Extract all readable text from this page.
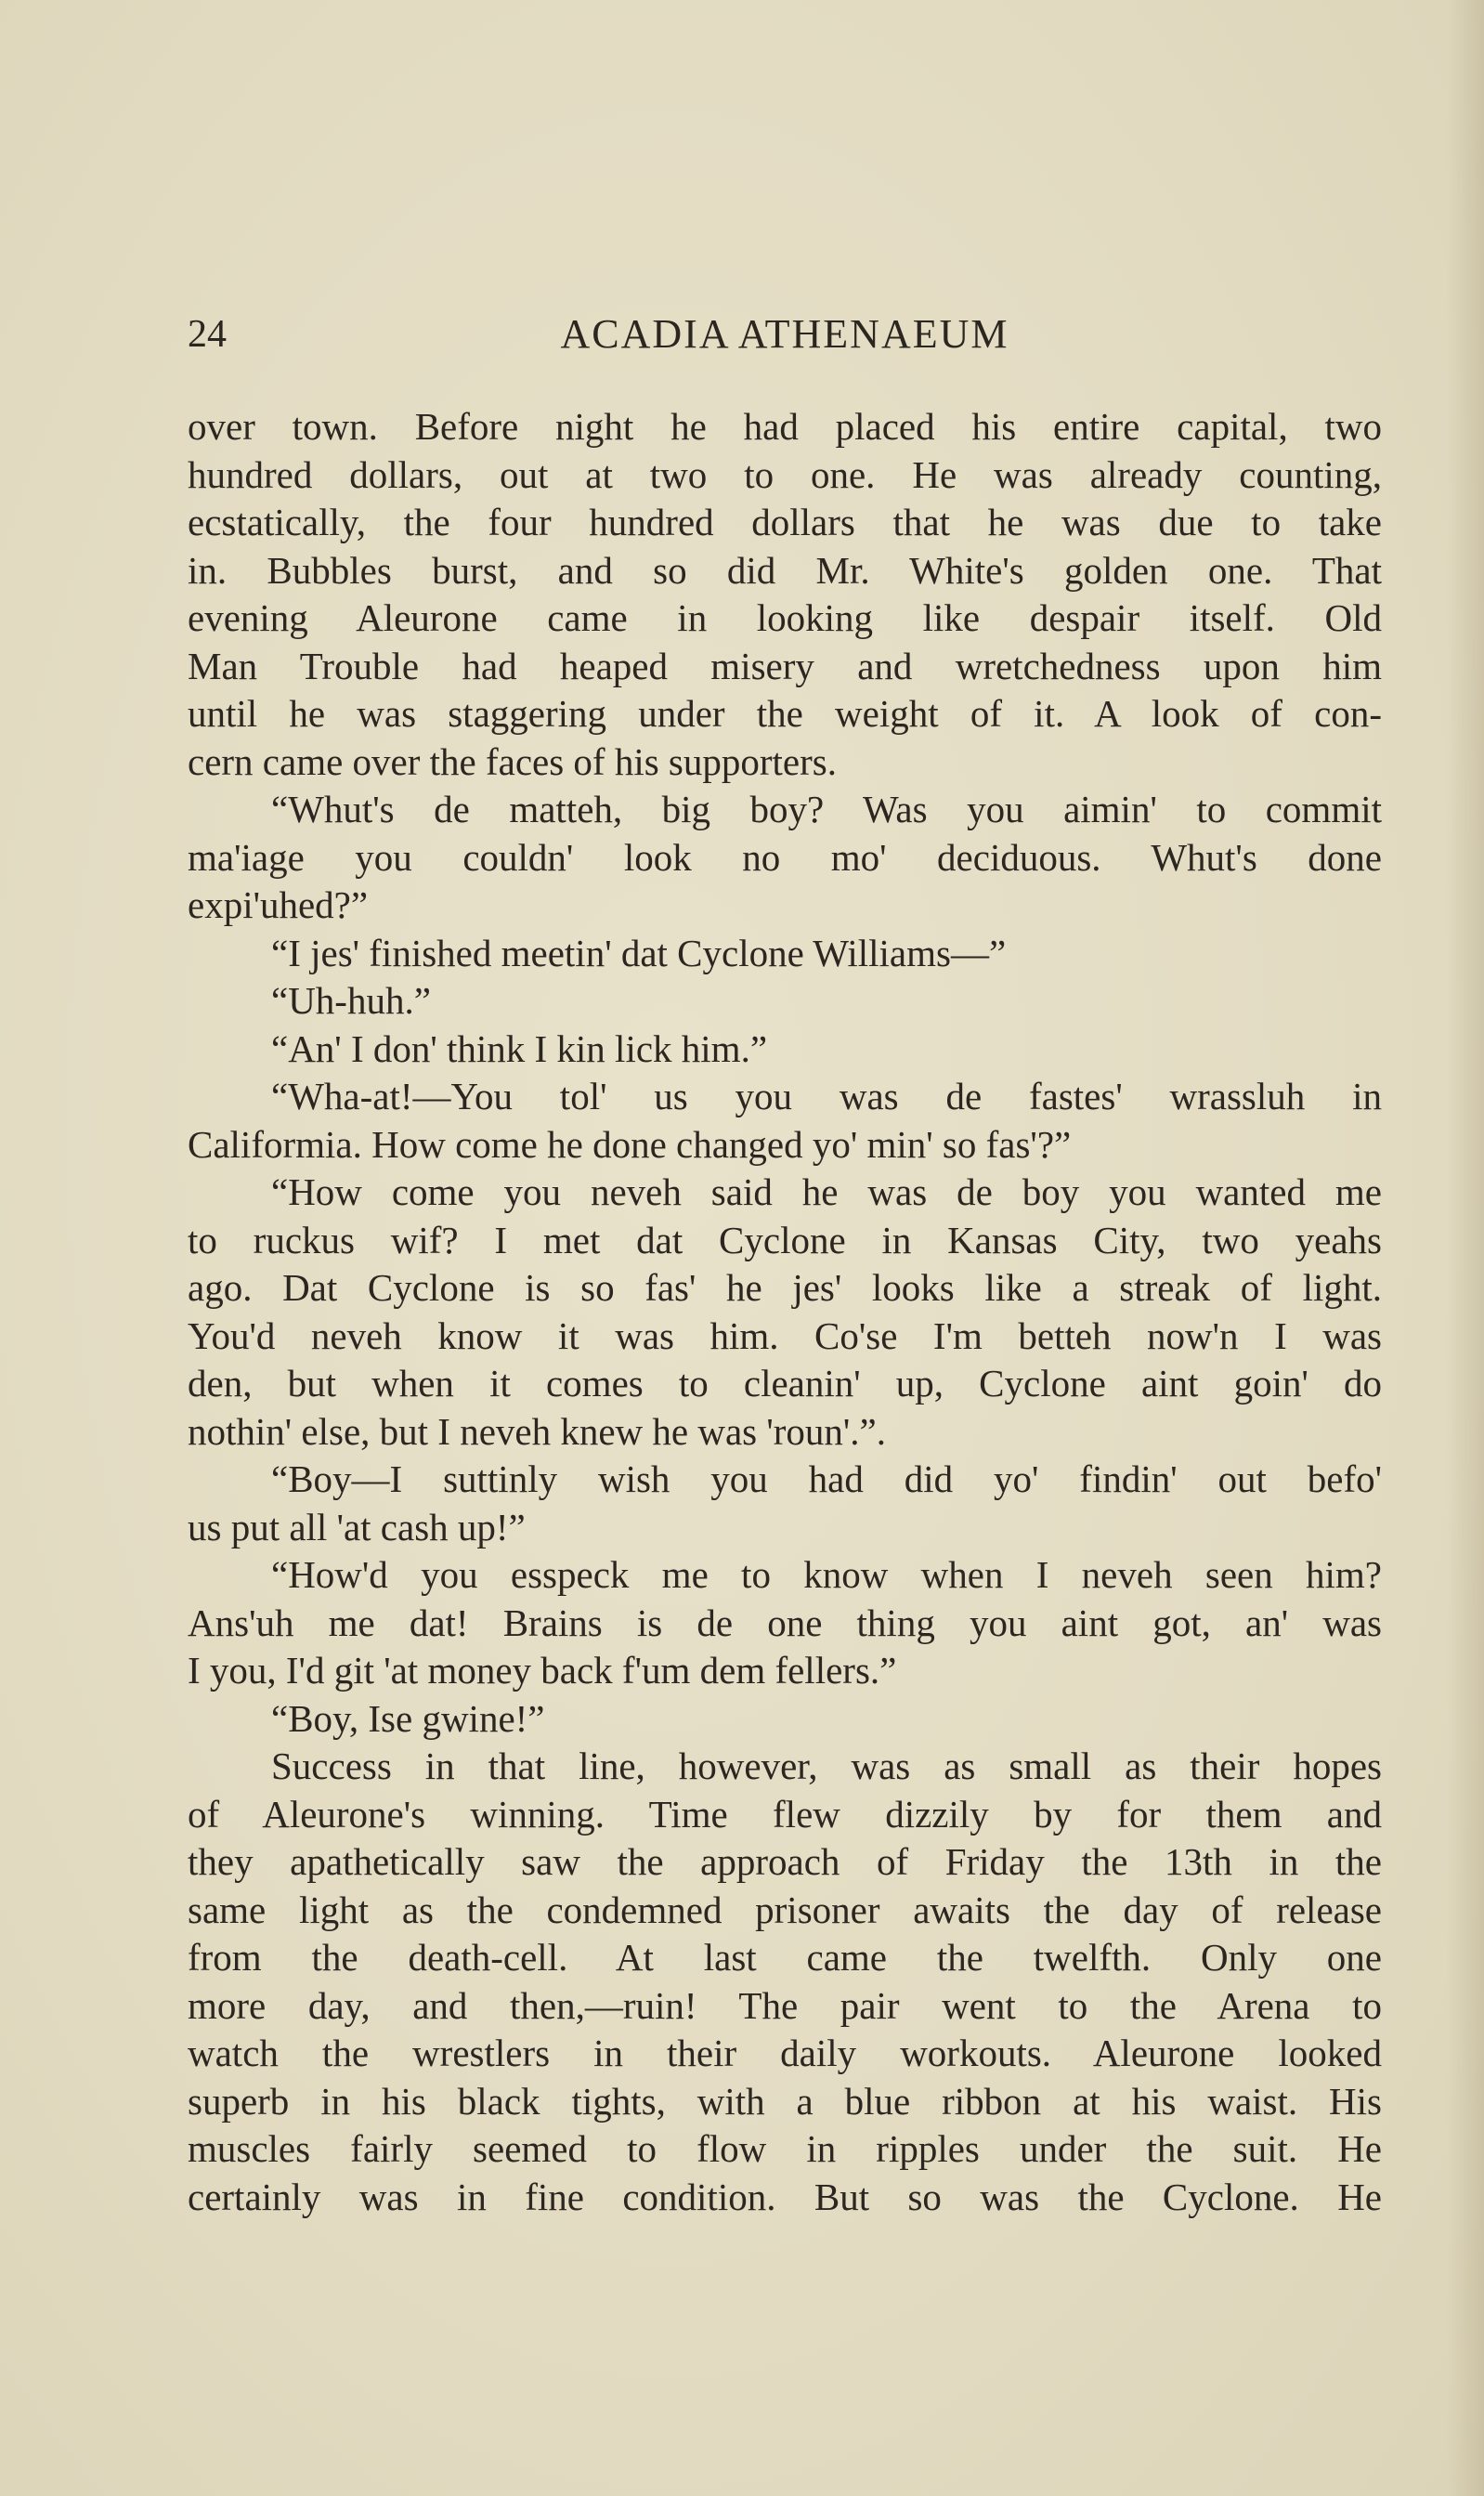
24	ACADIA ATHENAEUM
over town. Before night he had placed his entire capital, two
hundred dollars, out at two to one. He was already counting,
ecstatically, the four hundred dollars that he was due to take
in. Bubbles burst, and so did Mr. White's golden one. That
evening Aleurone came in looking like despair itself. Old
Man Trouble had heaped misery and wretchedness upon him
until he was staggering under the weight of it. A look of con-
cern came over the faces of his supporters.
“Whut's de matteh, big boy? Was you aimin' to commit
ma'iage you couldn' look no mo' deciduous. Whut's done
expi'uhed?”
“I jes' finished meetin' dat Cyclone Williams—”
“Uh-huh.”
“An' I don' think I kin lick him.”
“Wha-at!—You tol' us you was de fastes' wrassluh in
Califormia. How come he done changed yo' min' so fas'?”
“How come you neveh said he was de boy you wanted me
to ruckus wif? I met dat Cyclone in Kansas City, two yeahs
ago. Dat Cyclone is so fas' he jes' looks like a streak of light.
You'd neveh know it was him. Co'se I'm betteh now'n I was
den, but when it comes to cleanin' up, Cyclone aint goin' do
nothin' else, but I neveh knew he was 'roun'.”.
“Boy—I suttinly wish you had did yo' findin' out befo'
us put all 'at cash up!”
“How'd you esspeck me to know when I neveh seen him?
Ans'uh me dat! Brains is de one thing you aint got, an' was
I you, I'd git 'at money back f'um dem fellers.”
“Boy, Ise gwine!”
Success in that line, however, was as small as their hopes
of Aleurone's winning. Time flew dizzily by for them and
they apathetically saw the approach of Friday the 13th in the
same light as the condemned prisoner awaits the day of release
from the death-cell. At last came the twelfth. Only one
more day, and then,—ruin! The pair went to the Arena to
watch the wrestlers in their daily workouts. Aleurone looked
superb in his black tights, with a blue ribbon at his waist. His
muscles fairly seemed to flow in ripples under the suit. He
certainly was in fine condition. But so was the Cyclone. He
